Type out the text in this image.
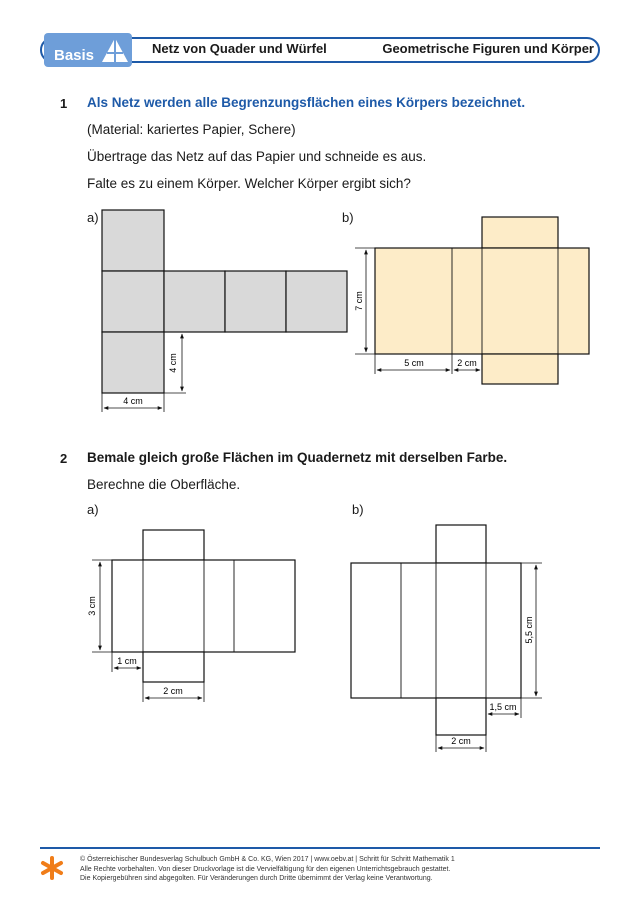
Basis	Netz von Quader und Würfel	Geometrische Figuren und Körper
1 Als Netz werden alle Begrenzungsflächen eines Körpers bezeichnet.
(Material: kariertes Papier, Schere)
Übertrage das Netz auf das Papier und schneide es aus.
Falte es zu einem Körper. Welcher Körper ergibt sich?
a)	b)
2 Bemale gleich große Flächen im Quadernetz mit derselben Farbe.
Berechne die Oberfläche.
a)	b)
4 cm
4 cm
7 cm
5 cm	2 cm
3 cm
1 cm
2 cm
5,5 cm
1,5 cm
2 cm
© Österreichischer Bundesverlag Schulbuch GmbH & Co. KG, Wien 2017 | www.oebv.at | Schritt für Schritt Mathematik 1
Alle Rechte vorbehalten. Von dieser Druckvorlage ist die Vervielfältigung für den eigenen Unterrichtsgebrauch gestattet.
Die Kopiergebühren sind abgegolten. Für Veränderungen durch Dritte übernimmt der Verlag keine Verantwortung.
